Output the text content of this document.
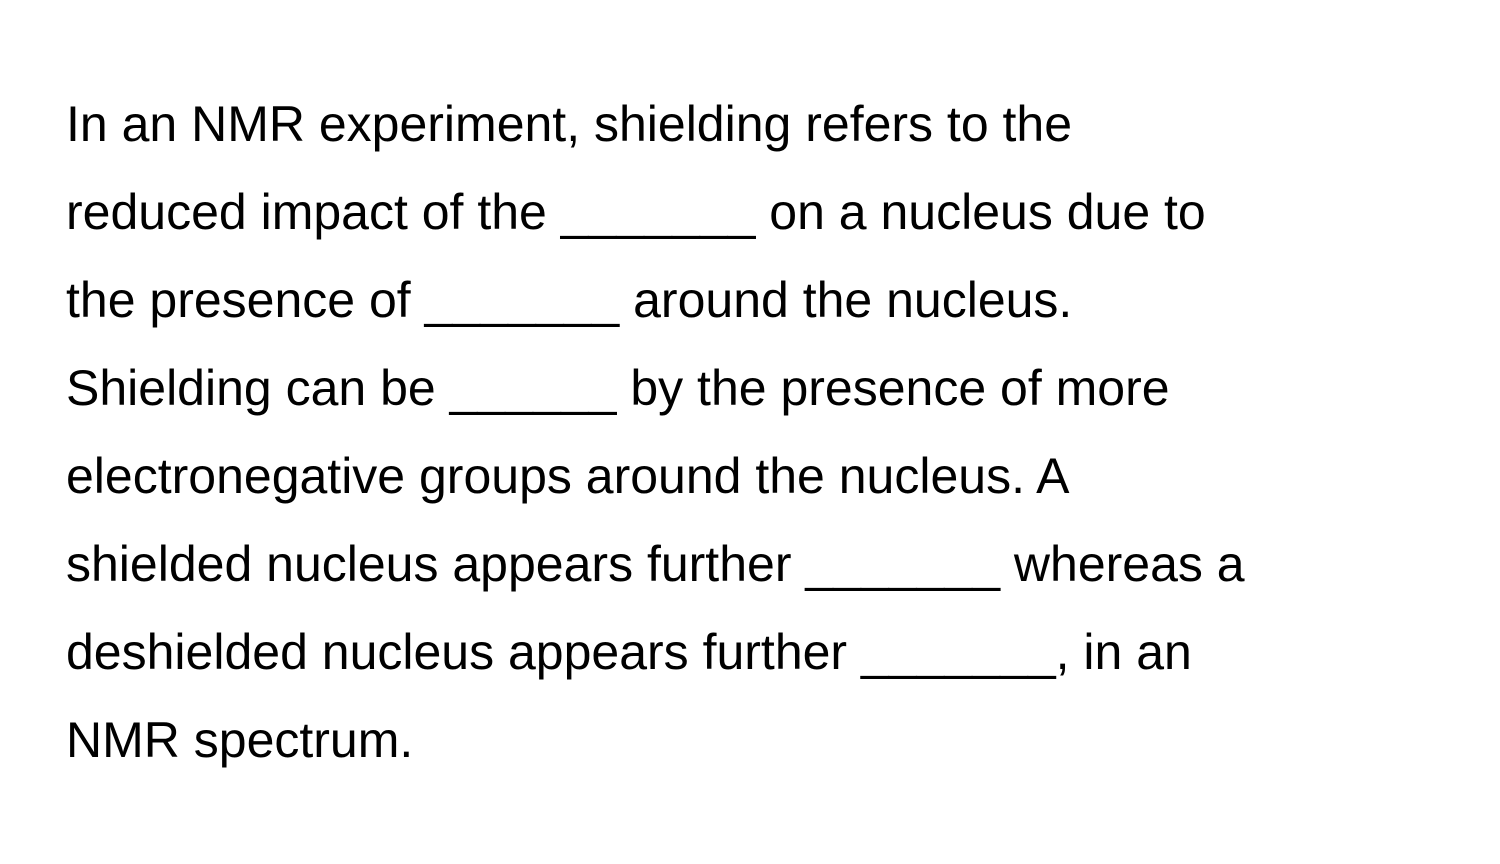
In an NMR experiment, shielding refers to the
reduced impact of the _______ on a nucleus due to
the presence of _______ around the nucleus.
Shielding can be ______ by the presence of more
electronegative groups around the nucleus. A
shielded nucleus appears further _______ whereas a
deshielded nucleus appears further _______, in an
NMR spectrum.
